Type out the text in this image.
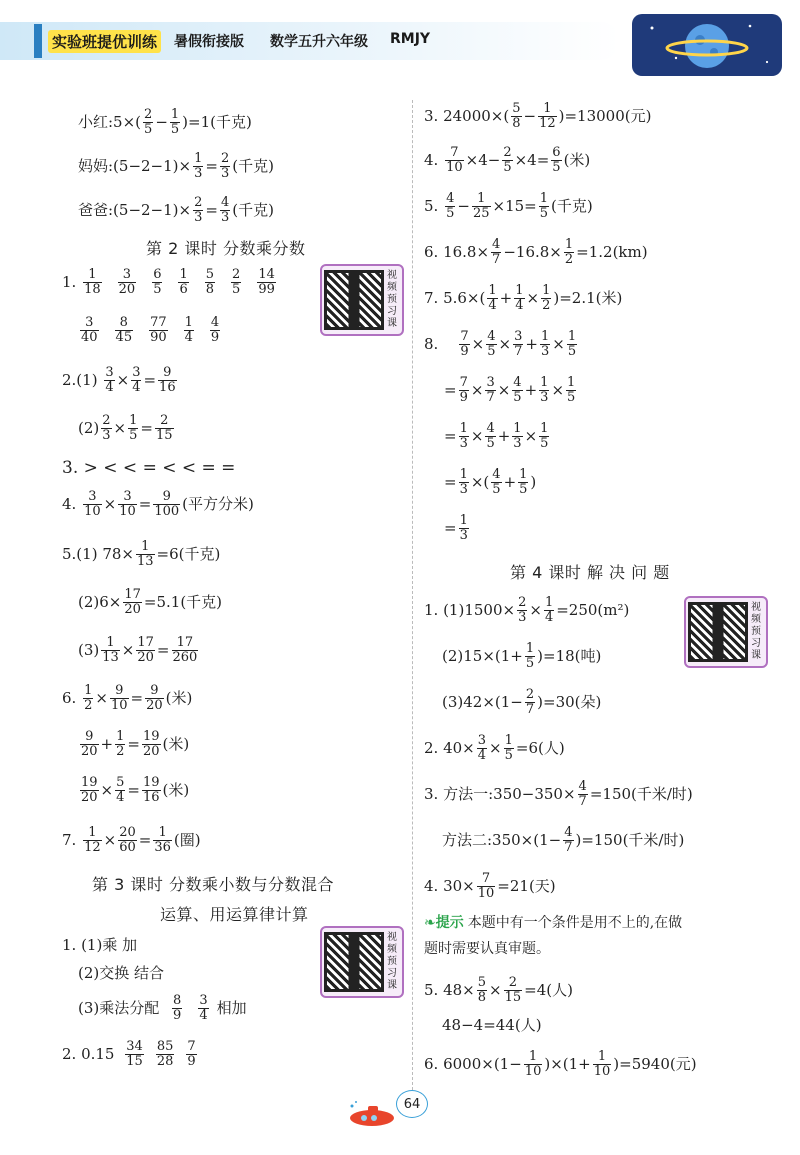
实验班提优训练 暑假衔接版 数学五升六年级 RMJY
小红:5×( $\frac{2}{5} - \frac{1}{5} )=1$(千克)
妈妈:(5−2−1)× $\frac{1}{3} = \frac{2}{3}$ (千克)
爸爸:(5−2−1)× $\frac{2}{3} = \frac{4}{3}$ (千克)
第 2 课时 分数乘分数
1. $\frac{1}{18} \frac{3}{20} \frac{6}{5} \frac{1}{6} \frac{5}{8} \frac{2}{5} \frac{14}{99}$
$\frac{3}{40} \frac{8}{45} \frac{77}{90} \frac{1}{4} \frac{4}{9}$
视
频
预
习
课
$2.(1) \frac{3}{4} \times \frac{3}{4} = \frac{9}{16}$
$(2) \frac{2}{3} \times \frac{1}{5} = \frac{2}{15}$
3. > < < = < < = =
4. $\frac{3}{10} \times \frac{3}{10} = \frac{9}{100}$ (平方分米)
5.(1) $78\times \frac{1}{13} =6$(千克)
$(2)6\times \frac{17}{20} =5.1$(千克)
$(3) \frac{1}{13} \times \frac{17}{20} = \frac{17}{260}$
6. $\frac{1}{2} \times \frac{9}{10} = \frac{9}{20}$ (米)
$\frac{9}{20} + \frac{1}{2} = \frac{19}{20}$ (米)
$\frac{19}{20} \times \frac{5}{4} = \frac{19}{16}$ (米)
7. $\frac{1}{12} \times \frac{20}{60} = \frac{1}{36}$ (圈)
第 3 课时 分数乘小数与分数混合
运算、用运算律计算
1. (1)乘 加
(2)交换 结合
(3)乘法分配
$\frac{8}{9} \frac{3}{4}$ 相加
2. 0.15
$\frac{34}{15} \frac{85}{28} \frac{7}{9}$
视
频
预
习
课
3. $24000\times( \frac{5}{8} - \frac{1}{12} )=13000$(元)
4. $\frac{7}{10} \times 4- \frac{2}{5} \times 4= \frac{6}{5}$ (米)
5. $\frac{4}{5} - \frac{1}{25} \times 15= \frac{1}{5}$ (千克)
6. $16.8\times \frac{4}{7} -16.8\times \frac{1}{2} =1.2(km)$
7. $5.6\times( \frac{1}{4} + \frac{1}{4} \times \frac{1}{2} )=2.1$(米)
8. $\frac{7}{9} \times \frac{4}{5} \times \frac{3}{7} + \frac{1}{3} \times \frac{1}{5}$
= $\frac{7}{9} \times \frac{3}{7} \times \frac{4}{5} + \frac{1}{3} \times \frac{1}{5}$
= $\frac{1}{3} \times \frac{4}{5} + \frac{1}{3} \times \frac{1}{5}$
= $\frac{1}{3}$ ×( $\frac{4}{5} + \frac{1}{5}$ )
= $\frac{1}{3}$
第 4 课时 解 决 问 题
1. $(1)1500\times \frac{2}{3} \times \frac{1}{4} =250(m^2)$
$(2)15\times(1+ \frac{1}{5} )=18$(吨)
$(3)42\times(1- \frac{2}{7} )=30$(朵)
视
频
预
习
课
2. $40\times \frac{3}{4} \times \frac{1}{5} =6$(人)
3. 方法一:350−350× $\frac{4}{7} =150$(千米/时)
方法二:350× $(1- \frac{4}{7} )=150$(千米/时)
4. $30\times \frac{7}{10} =21$(天)
❧ 提示 本题中有一个条件是用不上的,在做
题时需要认真审题。
5. $48\times \frac{5}{8} \times \frac{2}{15} =4$(人)
48−4=44(人)
6. $6000\times(1- \frac{1}{10} )\times(1+ \frac{1}{10} )=5940$(元)
64
